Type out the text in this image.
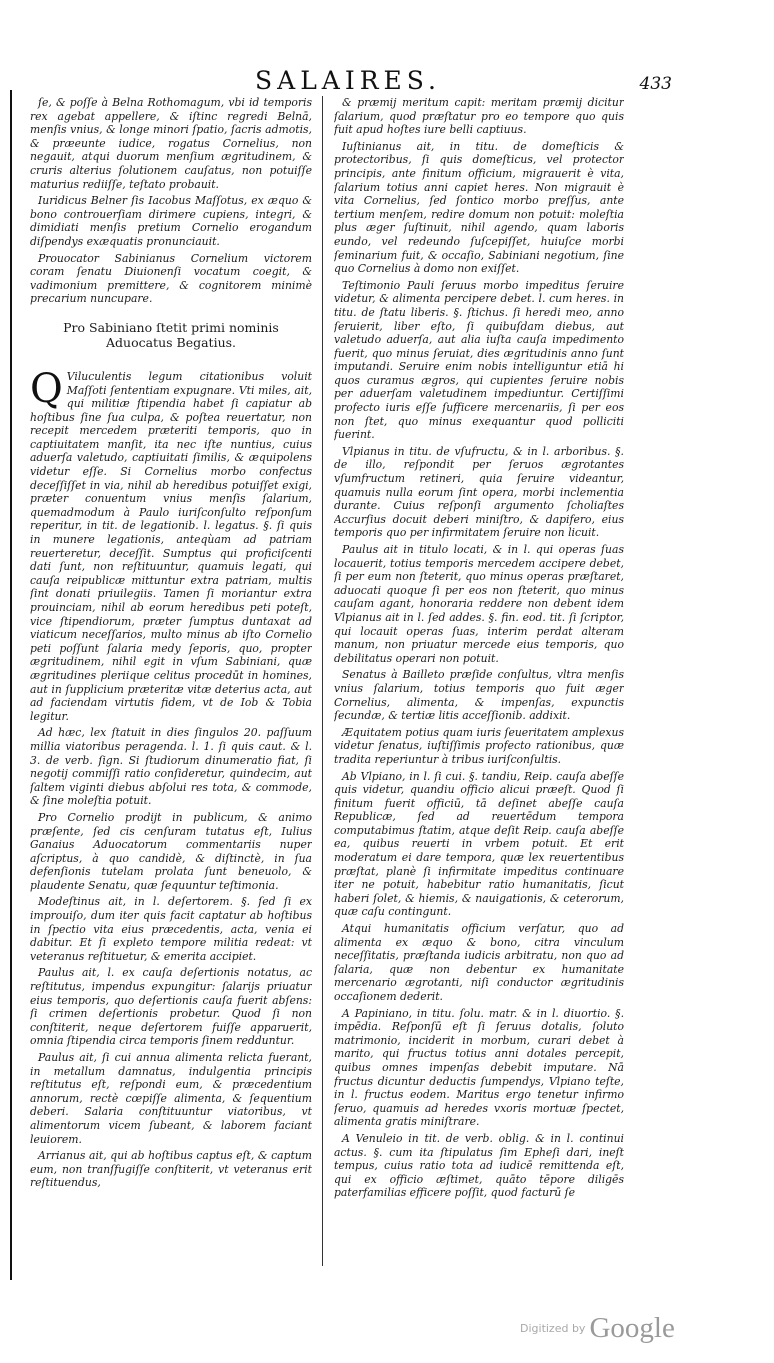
SALAIRES.	433

ſe, & poſſe à Belna Rothomagum, vbi id temporis rex agebat appellere, & iſtinc regredi Belnā, menſis vnius, & longe minori ſpatio, ſacris admotis, & præeunte iudice, rogatus Cornelius, non negauit, atqui duorum menſium ægritudinem, & cruris alterius ſolutionem cauſatus, non potuiſſe maturius rediiſſe, teſtato probauit.

Iuridicus Belner ſis Iacobus Maſſotus, ex æquo & bono controuerſiam dirimere cupiens, integri, & dimidiati menſis pretium Cornelio erogandum diſpendys exæquatis pronunciauit.

Prouocator Sabinianus Cornelium victorem coram ſenatu Diuionenſi vocatum coegit, & vadimonium premittere, & cognitorem minimè precarium nuncupare.

Pro Sabiniano ſtetit primi nominis Aduocatus Begatius.

Q Viluculentis legum citationibus voluit Maſſoti ſententiam expugnare. Vti miles, ait, qui militiæ ſtipendia habet ſi capiatur ab hoſtibus ſine ſua culpa, & poſtea reuertatur, non recepit mercedem præteriti temporis, quo in captiuitatem manſit, ita nec iſte nuntius, cuius aduerſa valetudo, captiuitati ſimilis, & æquipolens videtur eſſe. Si Cornelius morbo confectus deceſſiſſet in via, nihil ab heredibus potuiſſet exigi, præter conuentum vnius menſis ſalarium, quemadmodum à Paulo iuriſconſulto reſponſum reperitur, in tit. de legationib. l. legatus. §. ſi quis in munere legationis, anteqùam ad patriam reuerteretur, deceſſit. Sumptus qui proficiſcenti dati ſunt, non reſtituuntur, quamuis legati, qui cauſa reipublicæ mittuntur extra patriam, multis ſint donati priuilegiis. Tamen ſi moriantur extra prouinciam, nihil ab eorum heredibus peti poteſt, vice ſtipendiorum, præter ſumptus duntaxat ad viaticum neceſſarios, multo minus ab iſto Cornelio peti poſſunt ſalaria medy ſeporis, quo, propter ægritudinem, nihil egit in vſum Sabiniani, quæ ægritudines pleriique celitus procedūt in homines, aut in ſupplicium præteritæ vitæ deterius acta, aut ad faciendam virtutis fidem, vt de Iob & Tobia legitur.

Ad hæc, lex ſtatuit in dies ſingulos 20. paſſuum millia viatoribus peragenda. l. 1. ſi quis caut. & l. 3. de verb. ſign. Si ſtudiorum dinumeratio fiat, ſi negotij commiſſi ratio conſideretur, quindecim, aut ſaltem viginti diebus abſolui res tota, & commode, & ſine moleſtia potuit.

Pro Cornelio prodijt in publicum, & animo præſente, ſed cis cenſuram tutatus eſt, Iulius Ganaius Aduocatorum commentariis nuper aſcriptus, à quo candidè, & diſtinctè, in ſua defenſionis tutelam prolata ſunt beneuolo, & plaudente Senatu, quæ ſequuntur teſtimonia.

Modeſtinus ait, in l. deſertorem. §. ſed ſi ex improuiſo, dum iter quis facit captatur ab hoſtibus in ſpectio vita eius præcedentis, acta, venia ei dabitur. Et ſi expleto tempore militia redeat: vt veteranus reſtituetur, & emerita accipiet.

Paulus ait, l. ex cauſa deſertionis notatus, ac reſtitutus, impendus expungitur: ſalarijs priuatur eius temporis, quo deſertionis cauſa fuerit abſens: ſi crimen deſertionis probetur. Quod ſi non conſtiterit, neque deſertorem fuiſſe apparuerit, omnia ſtipendia circa temporis ſinem redduntur.

Paulus ait, ſi cui annua alimenta relicta fuerant, in metallum damnatus, indulgentia principis reſtitutus eſt, reſpondi eum, & præcedentium annorum, rectè cœpiſſe alimenta, & ſequentium deberi. Salaria conſtituuntur viatoribus, vt alimentorum vicem ſubeant, & laborem faciant leuiorem.

Arrianus ait, qui ab hoſtibus captus eſt, & captum eum, non tranſfugiſſe conſtiterit, vt veteranus erit reſtituendus,

& præmij meritum capit: meritam præmij dicitur ſalarium, quod præſtatur pro eo tempore quo quis fuit apud hoſtes iure belli captiuus.

Iuſtinianus ait, in titu. de domeſticis & protectoribus, ſi quis domeſticus, vel protector principis, ante finitum officium, migrauerit è vita, ſalarium totius anni capiet heres. Non migrauit è vita Cornelius, ſed ſontico morbo preſſus, ante tertium menſem, redire domum non potuit: moleſtia plus æger ſuſtinuit, nihil agendo, quam laboris eundo, vel redeundo ſuſcepiſſet, huiuſce morbi ſeminarium fuit, & occaſio, Sabiniani negotium, ſine quo Cornelius à domo non exiſſet.

Teſtimonio Pauli ſeruus morbo impeditus ſeruire videtur, & alimenta percipere debet. l. cum heres. in titu. de ſtatu liberis. §. ſtichus. ſi heredi meo, anno ſeruierit, liber eſto, ſi quibuſdam diebus, aut valetudo aduerſa, aut alia iuſta cauſa impedimento fuerit, quo minus ſeruiat, dies ægritudinis anno ſunt imputandi. Seruire enim nobis intelliguntur etiā hi quos curamus ægros, qui cupientes ſeruire nobis per aduerſam valetudinem impediuntur. Certiſſimi profecto iuris eſſe ſufficere mercenariis, ſi per eos non ſtet, quo minus exequantur quod polliciti fuerint.

Vlpianus in titu. de vſufructu, & in l. arboribus. §. de illo, reſpondit per ſeruos ægrotantes vſumfructum retineri, quia ſeruire videantur, quamuis nulla eorum ſint opera, morbi inclementia durante. Cuius reſponſi argumento ſcholiaſtes Accurſius docuit deberi miniſtro, & dapifero, eius temporis quo per infirmitatem ſeruire non licuit.

Paulus ait in titulo locati, & in l. qui operas ſuas locauerit, totius temporis mercedem accipere debet, ſi per eum non ſteterit, quo minus operas præſtaret, aduocati quoque ſi per eos non ſteterit, quo minus cauſam agant, honoraria reddere non debent idem Vlpianus ait in l. ſed addes. §. fin. eod. tit. ſi ſcriptor, qui locauit operas ſuas, interim perdat alteram manum, non priuatur mercede eius temporis, quo debilitatus operari non potuit.

Senatus à Bailleto præſide conſultus, vltra menſis vnius ſalarium, totius temporis quo fuit æger Cornelius, alimenta, & impenſas, expunctis ſecundæ, & tertiæ litis acceſſionib. addixit.

Æquitatem potius quam iuris ſeueritatem amplexus videtur ſenatus, iuſtiſſimis profecto rationibus, quæ tradita reperiuntur à tribus iuriſconſultis.

Ab Vlpiano, in l. ſi cui. §. tandiu, Reip. cauſa abeſſe quis videtur, quandiu officio alicui præeſt. Quod ſi finitum fuerit officiū, tā deſinet abeſſe cauſa Republicæ, ſed ad reuertēdum tempora computabimus ſtatim, atque deſit Reip. cauſa abeſſe ea, quibus reuerti in vrbem potuit. Et erit moderatum ei dare tempora, quæ lex reuertentibus præſtat, planè ſi infirmitate impeditus continuare iter ne potuit, habebitur ratio humanitatis, ſicut haberi ſolet, & hiemis, & nauigationis, & ceterorum, quæ caſu contingunt.

Atqui humanitatis officium verſatur, quo ad alimenta ex æquo & bono, citra vinculum neceſſitatis, præſtanda iudicis arbitratu, non quo ad ſalaria, quæ non debentur ex humanitate mercenario ægrotanti, niſi conductor ægritudinis occaſionem dederit.

A Papiniano, in titu. ſolu. matr. & in l. diuortio. §. impēdia. Reſponſū eſt ſi ſeruus dotalis, ſoluto matrimonio, inciderit in morbum, curari debet à marito, qui fructus totius anni dotales percepit, quibus omnes impenſas debebit imputare. Nā fructus dicuntur deductis ſumpendys, Vlpiano teſte, in l. fructus eodem. Maritus ergo tenetur infirmo ſeruo, quamuis ad heredes vxoris mortuæ ſpectet, alimenta gratis miniſtrare.

A Venuleio in tit. de verb. oblig. & in l. continui actus. §. cum ita ſtipulatus ſim Epheſi dari, ineſt tempus, cuius ratio tota ad iudicē remittenda eſt, qui ex officio æſtimet, quāto tēpore diligēs paterfamilias efficere poſſit, quod facturū ſe

Digitized by Google
